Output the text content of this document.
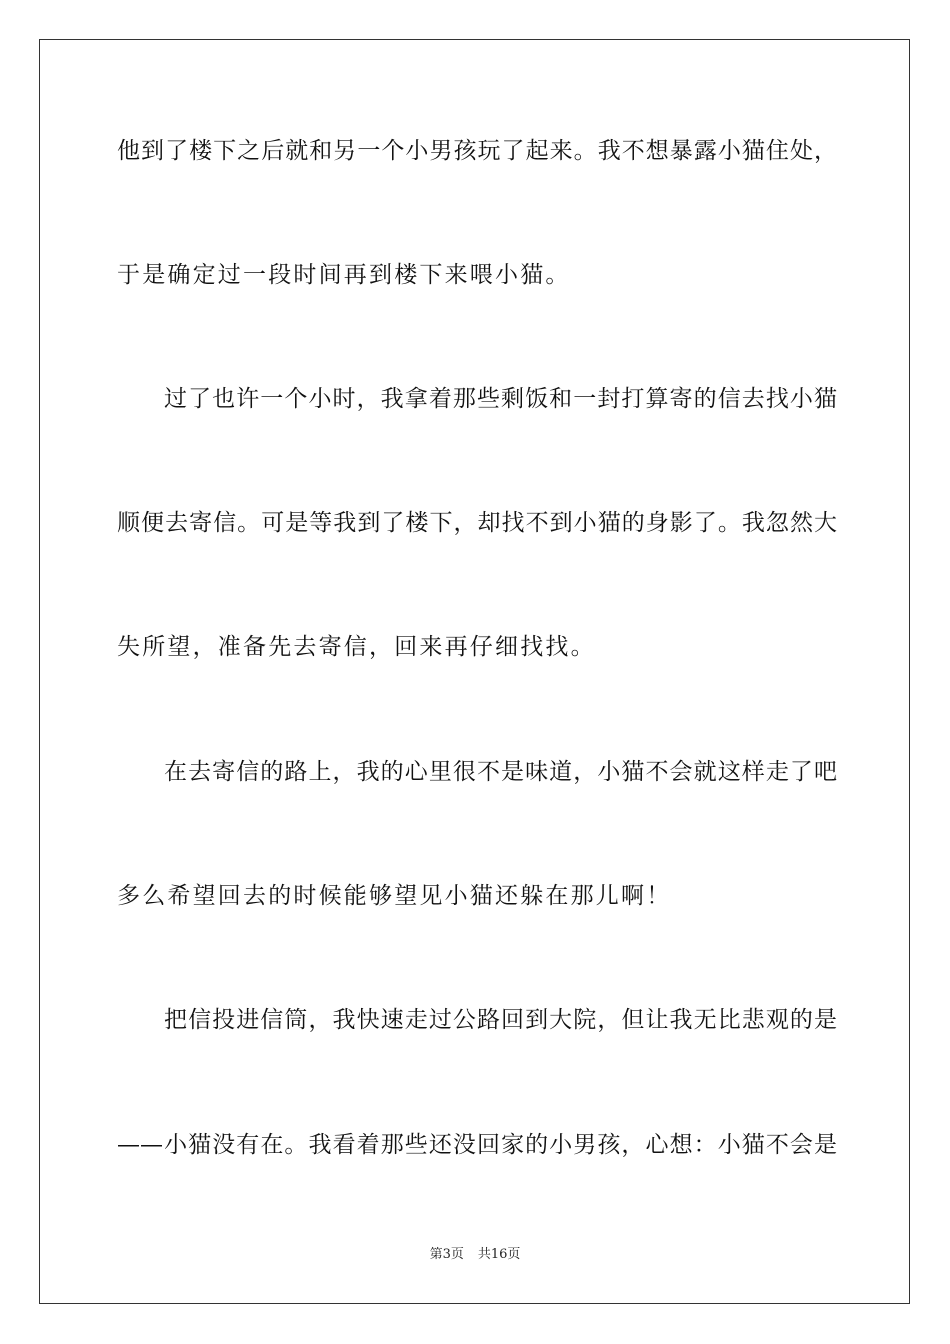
他到了楼下之后就和另一个小男孩玩了起来。我不想暴露小猫住处，
于是确定过一段时间再到楼下来喂小猫。
过了也许一个小时，我拿着那些剩饭和一封打算寄的信去找小猫
顺便去寄信。可是等我到了楼下，却找不到小猫的身影了。我忽然大
失所望，准备先去寄信，回来再仔细找找。
在去寄信的路上，我的心里很不是味道，小猫不会就这样走了吧
多么希望回去的时候能够望见小猫还躲在那儿啊！
把信投进信筒，我快速走过公路回到大院，但让我无比悲观的是
——小猫没有在。我看着那些还没回家的小男孩，心想：小猫不会是
第3页 共16页
